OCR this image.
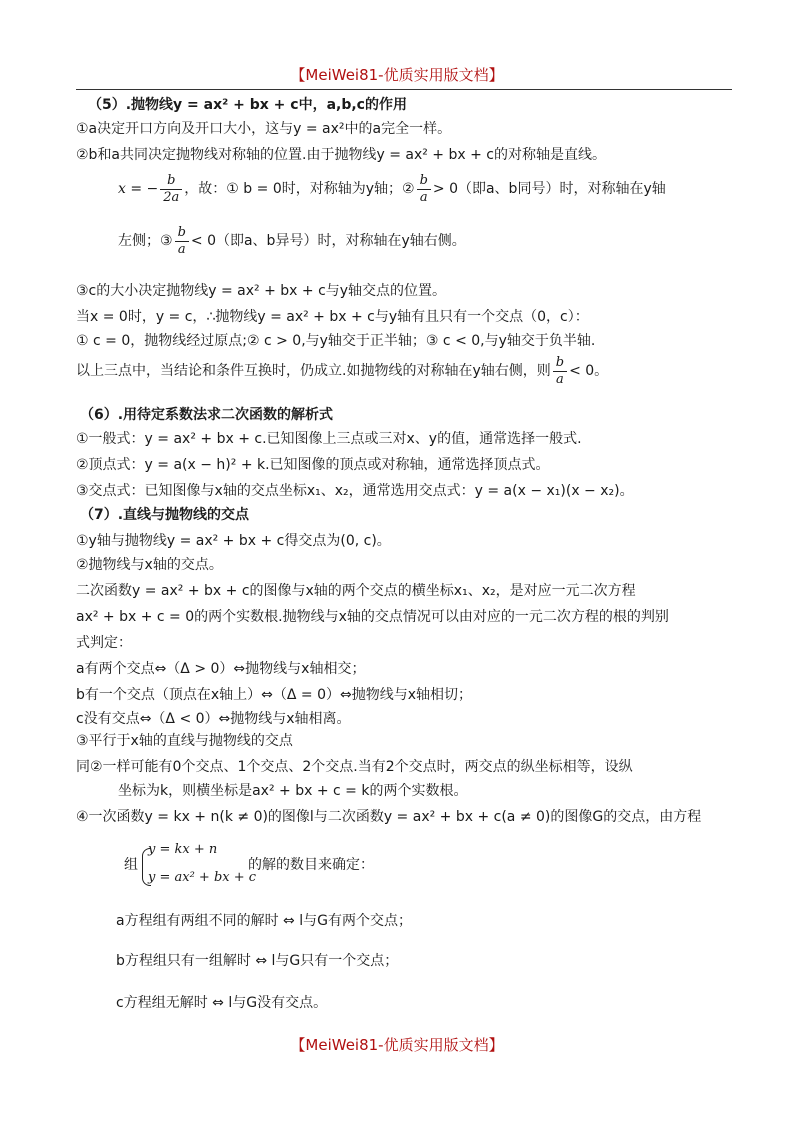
【MeiWei81-优质实用版文档】
（5）.抛物线y = ax² + bx + c中，a,b,c的作用
①a决定开口方向及开口大小，这与y = ax²中的a完全一样。
②b和a共同决定抛物线对称轴的位置.由于抛物线y = ax² + bx + c的对称轴是直线。
x = − $\frac{b}{2a}$ ，故：① b = 0时，对称轴为y轴；② $\frac{b}{a} > 0$（即a、b同号）时，对称轴在y轴
左侧；③ $\frac{b}{a} < 0$（即a、b异号）时，对称轴在y轴右侧。
③c的大小决定抛物线y = ax² + bx + c与y轴交点的位置。
当x = 0时，y = c，∴抛物线y = ax² + bx + c与y轴有且只有一个交点（0，c）：
① c = 0，抛物线经过原点;② c > 0,与y轴交于正半轴；③ c < 0,与y轴交于负半轴.
以上三点中，当结论和条件互换时，仍成立.如抛物线的对称轴在y轴右侧，则 $\frac{b}{a} < 0$。
（6）.用待定系数法求二次函数的解析式
①一般式：y = ax² + bx + c.已知图像上三点或三对x、y的值，通常选择一般式.
②顶点式：y = a(x − h)² + k.已知图像的顶点或对称轴，通常选择顶点式。
③交点式：已知图像与x轴的交点坐标x₁、x₂，通常选用交点式：y = a(x − x₁)(x − x₂)。
（7）.直线与抛物线的交点
①y轴与抛物线y = ax² + bx + c得交点为(0, c)。
②抛物线与x轴的交点。
二次函数y = ax² + bx + c的图像与x轴的两个交点的横坐标x₁、x₂，是对应一元二次方程
ax² + bx + c = 0的两个实数根.抛物线与x轴的交点情况可以由对应的一元二次方程的根的判别
式判定：
a有两个交点⇔（Δ > 0）⇔抛物线与x轴相交；
b有一个交点（顶点在x轴上）⇔（Δ = 0）⇔抛物线与x轴相切；
c没有交点⇔（Δ < 0）⇔抛物线与x轴相离。
③平行于x轴的直线与抛物线的交点
同②一样可能有0个交点、1个交点、2个交点.当有2个交点时，两交点的纵坐标相等，设纵
坐标为k，则横坐标是ax² + bx + c = k的两个实数根。
④一次函数y = kx + n(k ≠ 0)的图像l与二次函数y = ax² + bx + c(a ≠ 0)的图像G的交点，由方程
组
y = kx + n
y = ax² + bx + c
的解的数目来确定：
a方程组有两组不同的解时 ⇔ l与G有两个交点；
b方程组只有一组解时 ⇔ l与G只有一个交点；
c方程组无解时 ⇔ l与G没有交点。
【MeiWei81-优质实用版文档】
